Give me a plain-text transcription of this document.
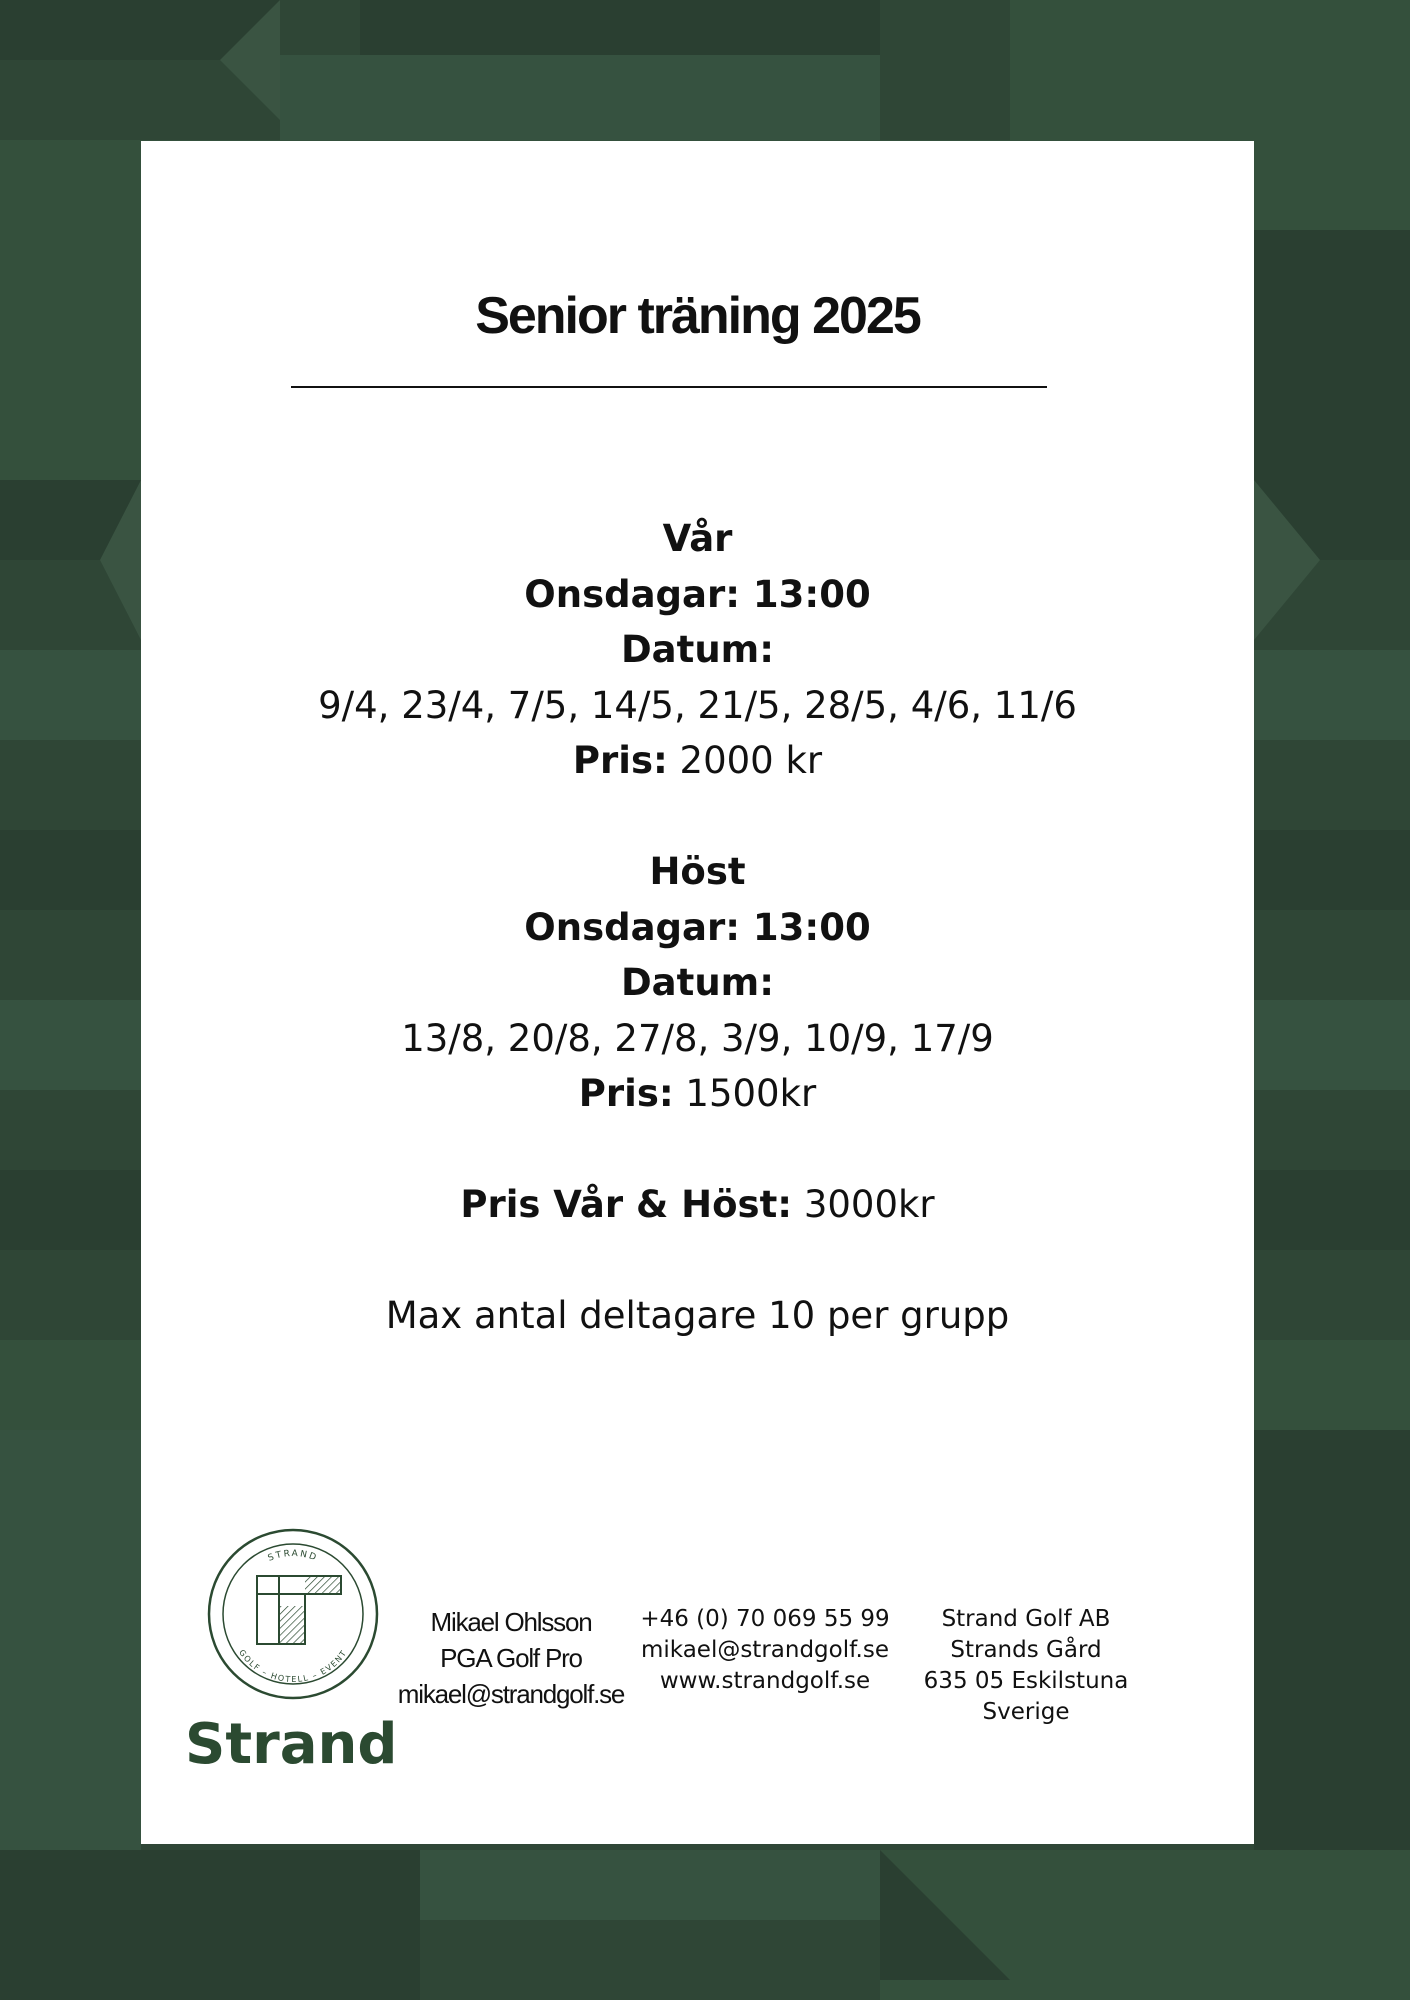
Senior träning 2025
Vår
Onsdagar: 13:00
Datum:
9/4, 23/4, 7/5, 14/5, 21/5, 28/5, 4/6, 11/6
Pris: 2000 kr
Höst
Onsdagar: 13:00
Datum:
13/8, 20/8, 27/8, 3/9, 10/9, 17/9
Pris: 1500kr
Pris Vår & Höst: 3000kr
Max antal deltagare 10 per grupp
STRAND
GOLF – HOTELL – EVENT
Strand
Mikael Ohlsson
PGA Golf Pro
mikael@strandgolf.se
+46 (0) 70 069 55 99
mikael@strandgolf.se
www.strandgolf.se
Strand Golf AB
Strands Gård
635 05 Eskilstuna
Sverige
